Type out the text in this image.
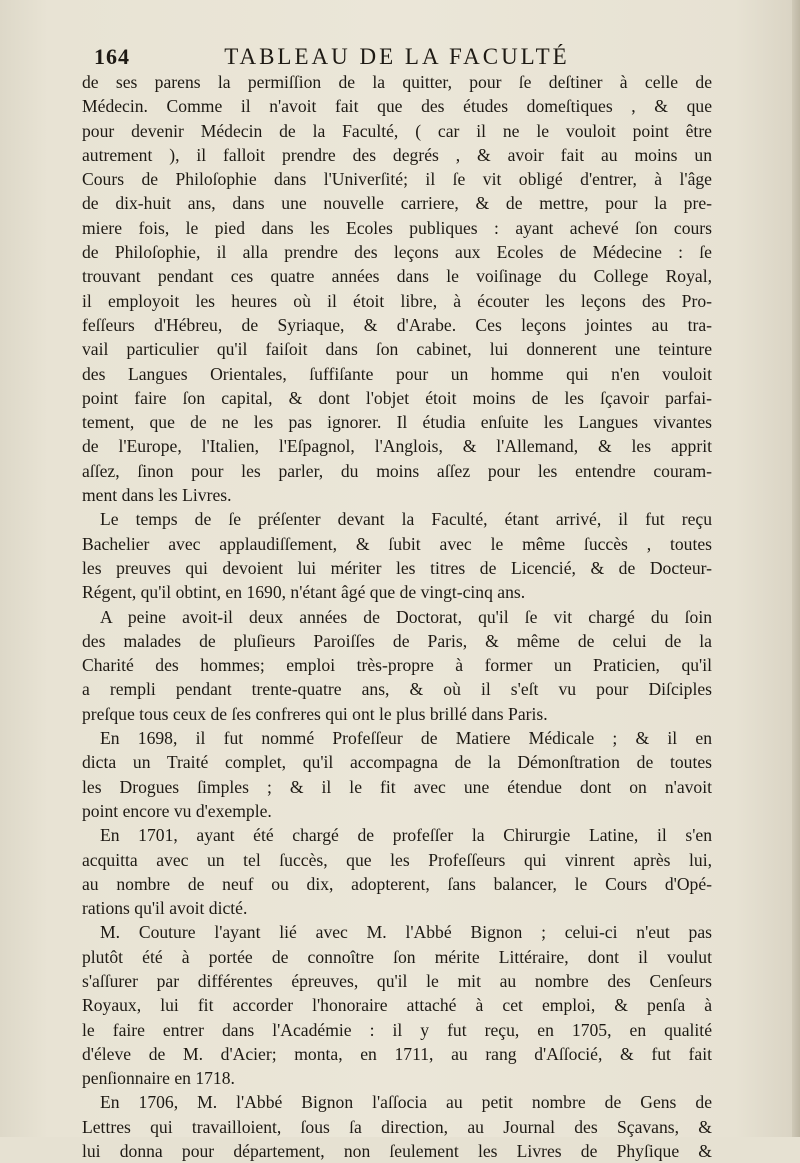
164	TABLEAU DE LA FACULTÉ
de ses parens la permiſſion de la quitter, pour ſe deſtiner à celle de
Médecin. Comme il n'avoit fait que des études domeſtiques , & que
pour devenir Médecin de la Faculté, ( car il ne le vouloit point être
autrement ), il falloit prendre des degrés , & avoir fait au moins un
Cours de Philoſophie dans l'Univerſité; il ſe vit obligé d'entrer, à l'âge
de dix-huit ans, dans une nouvelle carriere, & de mettre, pour la pre-
miere fois, le pied dans les Ecoles publiques : ayant achevé ſon cours
de Philoſophie, il alla prendre des leçons aux Ecoles de Médecine : ſe
trouvant pendant ces quatre années dans le voiſinage du College Royal,
il employoit les heures où il étoit libre, à écouter les leçons des Pro-
feſſeurs d'Hébreu, de Syriaque, & d'Arabe. Ces leçons jointes au tra-
vail particulier qu'il faiſoit dans ſon cabinet, lui donnerent une teinture
des Langues Orientales, ſuffiſante pour un homme qui n'en vouloit
point faire ſon capital, & dont l'objet étoit moins de les ſçavoir parfai-
tement, que de ne les pas ignorer. Il étudia enſuite les Langues vivantes
de l'Europe, l'Italien, l'Eſpagnol, l'Anglois, & l'Allemand, & les apprit
aſſez, ſinon pour les parler, du moins aſſez pour les entendre couram-
ment dans les Livres.
Le temps de ſe préſenter devant la Faculté, étant arrivé, il fut reçu
Bachelier avec applaudiſſement, & ſubit avec le même ſuccès , toutes
les preuves qui devoient lui mériter les titres de Licencié, & de Docteur-
Régent, qu'il obtint, en 1690, n'étant âgé que de vingt-cinq ans.
A peine avoit-il deux années de Doctorat, qu'il ſe vit chargé du ſoin
des malades de pluſieurs Paroiſſes de Paris, & même de celui de la
Charité des hommes; emploi très-propre à former un Praticien, qu'il
a rempli pendant trente-quatre ans, & où il s'eſt vu pour Diſciples
preſque tous ceux de ſes confreres qui ont le plus brillé dans Paris.
En 1698, il fut nommé Profeſſeur de Matiere Médicale ; & il en
dicta un Traité complet, qu'il accompagna de la Démonſtration de toutes
les Drogues ſimples ; & il le fit avec une étendue dont on n'avoit
point encore vu d'exemple.
En 1701, ayant été chargé de profeſſer la Chirurgie Latine, il s'en
acquitta avec un tel ſuccès, que les Profeſſeurs qui vinrent après lui,
au nombre de neuf ou dix, adopterent, ſans balancer, le Cours d'Opé-
rations qu'il avoit dicté.
M. Couture l'ayant lié avec M. l'Abbé Bignon ; celui-ci n'eut pas
plutôt été à portée de connoître ſon mérite Littéraire, dont il voulut
s'aſſurer par différentes épreuves, qu'il le mit au nombre des Cenſeurs
Royaux, lui fit accorder l'honoraire attaché à cet emploi, & penſa à
le faire entrer dans l'Académie : il y fut reçu, en 1705, en qualité
d'éleve de M. d'Acier; monta, en 1711, au rang d'Aſſocié, & fut fait
penſionnaire en 1718.
En 1706, M. l'Abbé Bignon l'aſſocia au petit nombre de Gens de
Lettres qui travailloient, ſous ſa direction, au Journal des Sçavans, &
lui donna pour département, non ſeulement les Livres de Phyſique &
